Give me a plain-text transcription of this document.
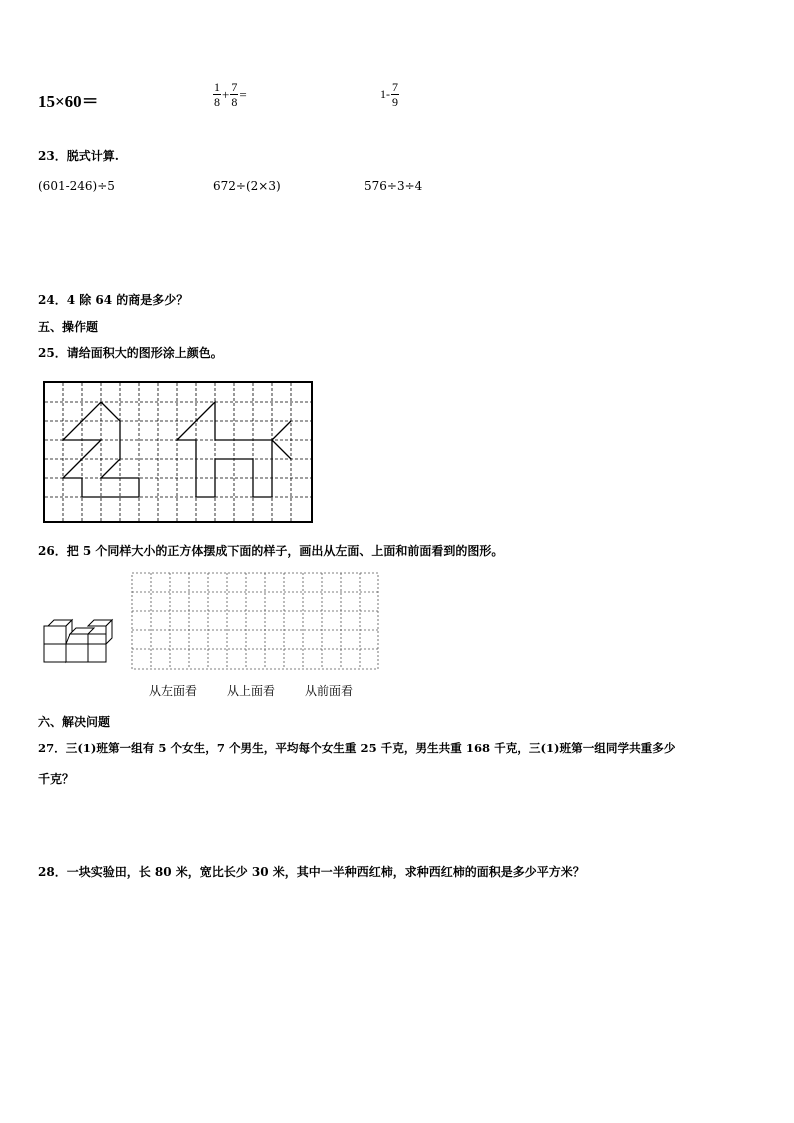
15×60＝	$\frac{1}{8} + \frac{7}{8}$ =	$1- \frac{7}{9}$
23．脱式计算.
(601-246)÷5	672÷(2×3)	576÷3÷4
24．4 除 64 的商是多少？
五、操作题
25．请给面积大的图形涂上颜色。
26．把 5 个同样大小的正方体摆成下面的样子，画出从左面、上面和前面看到的图形。
从左面看 从上面看 从前面看
六、解决问题
27．三(1)班第一组有 5 个女生，7 个男生，平均每个女生重 25 千克，男生共重 168 千克，三(1)班第一组同学共重多少
千克？
28．一块实验田，长 80 米，宽比长少 30 米，其中一半种西红柿，求种西红柿的面积是多少平方米？
